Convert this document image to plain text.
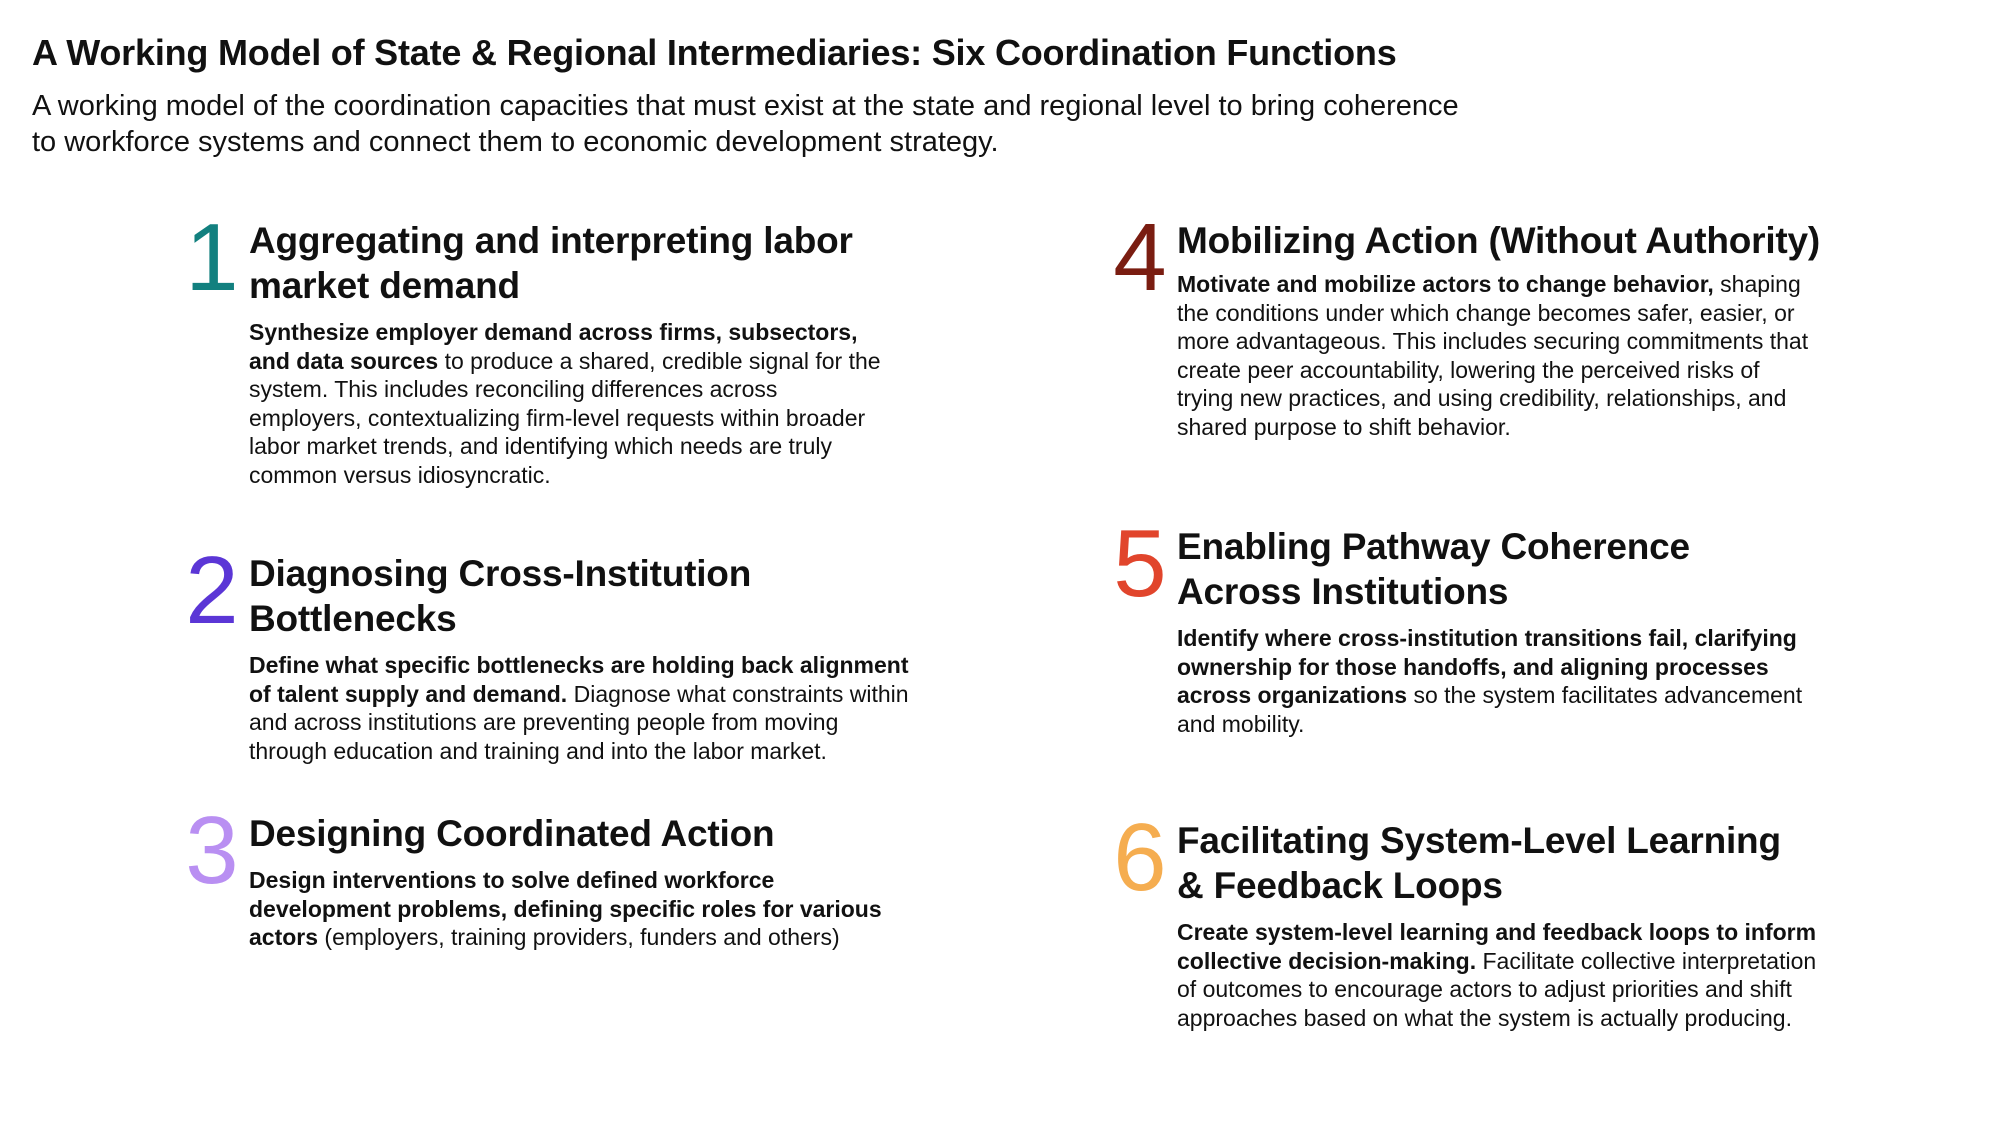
A Working Model of State & Regional Intermediaries: Six Coordination Functions

A working model of the coordination capacities that must exist at the state and regional level to bring coherence
to workforce systems and connect them to economic development strategy.

1 Aggregating and interpreting labor
market demand

Synthesize employer demand across firms, subsectors, and data sources to produce a shared, credible signal for the system. This includes reconciling differences across employers, contextualizing firm-level requests within broader labor market trends, and identifying which needs are truly common versus idiosyncratic.

2 Diagnosing Cross-Institution Bottlenecks

Define what specific bottlenecks are holding back alignment of talent supply and demand. Diagnose what constraints within and across institutions are preventing people from moving through education and training and into the labor market.

3 Designing Coordinated Action

Design interventions to solve defined workforce development problems, defining specific roles for various actors (employers, training providers, funders and others)

4 Mobilizing Action (Without Authority)

Motivate and mobilize actors to change behavior, shaping the conditions under which change becomes safer, easier, or more advantageous. This includes securing commitments that create peer accountability, lowering the perceived risks of trying new practices, and using credibility, relationships, and shared purpose to shift behavior.

5 Enabling Pathway Coherence
Across Institutions

Identify where cross-institution transitions fail, clarifying ownership for those handoffs, and aligning processes across organizations so the system facilitates advancement and mobility.

6 Facilitating System-Level Learning
& Feedback Loops

Create system-level learning and feedback loops to inform collective decision-making. Facilitate collective interpretation of outcomes to encourage actors to adjust priorities and shift approaches based on what the system is actually producing.
